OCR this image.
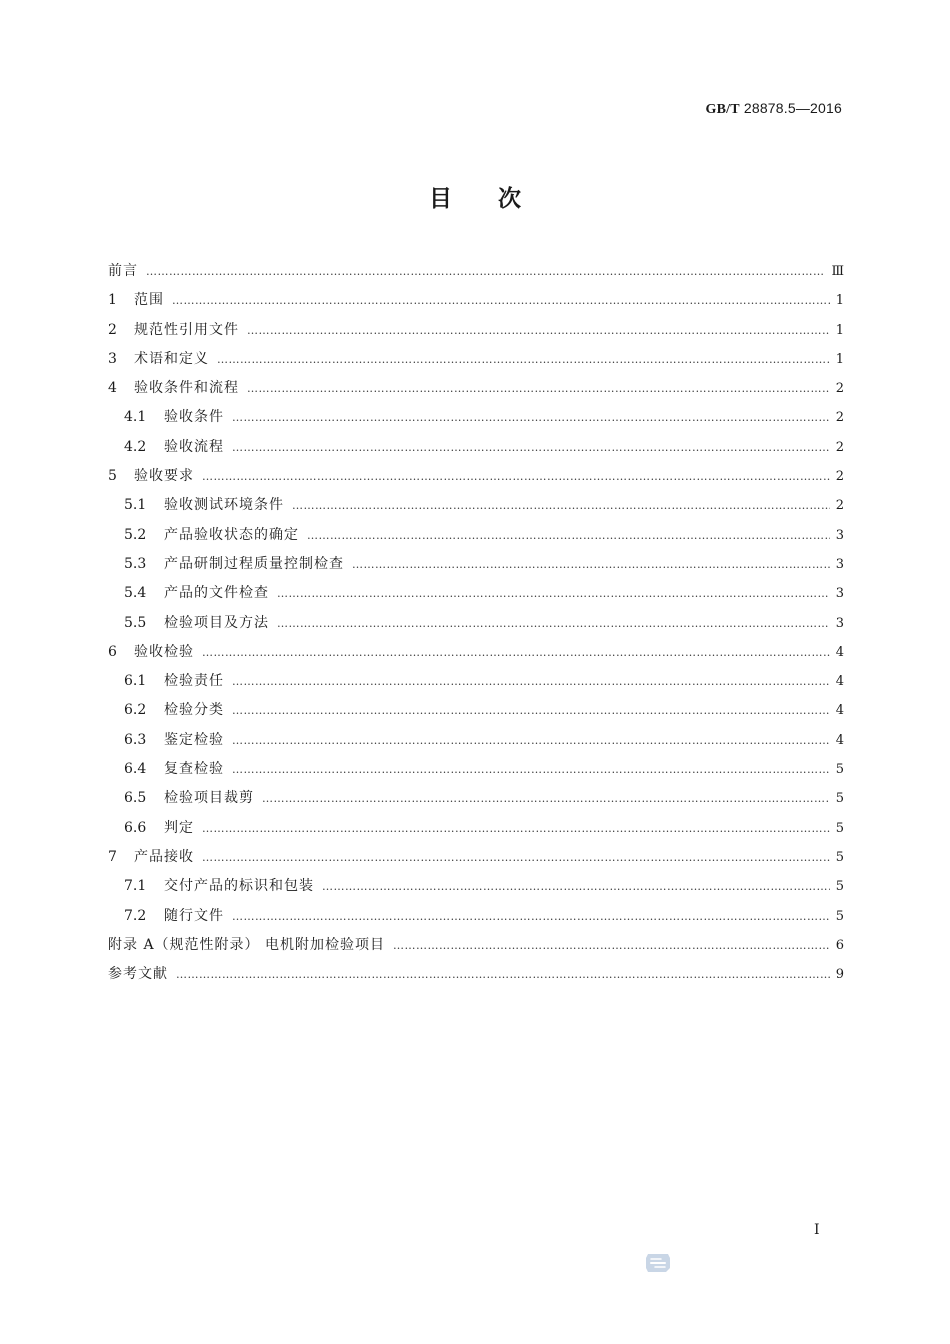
GB/T 28878.5—2016
目次
前言 …………………………………………………………………………………………………………………………………………………………………………………………………………	Ⅲ
1	范围 …………………………………………………………………………………………………………………………………………………………………………………………………………	1
2	规范性引用文件 …………………………………………………………………………………………………………………………………………………………………………………………………………	1
3	术语和定义 …………………………………………………………………………………………………………………………………………………………………………………………………………	1
4	验收条件和流程 …………………………………………………………………………………………………………………………………………………………………………………………………………	2
4.1	验收条件 …………………………………………………………………………………………………………………………………………………………………………………………………………	2
4.2	验收流程 …………………………………………………………………………………………………………………………………………………………………………………………………………	2
5	验收要求 …………………………………………………………………………………………………………………………………………………………………………………………………………	2
5.1	验收测试环境条件 …………………………………………………………………………………………………………………………………………………………………………………………………………	2
5.2	产品验收状态的确定 …………………………………………………………………………………………………………………………………………………………………………………………………………	3
5.3	产品研制过程质量控制检查 …………………………………………………………………………………………………………………………………………………………………………………………………………	3
5.4	产品的文件检查 …………………………………………………………………………………………………………………………………………………………………………………………………………	3
5.5	检验项目及方法 …………………………………………………………………………………………………………………………………………………………………………………………………………	3
6	验收检验 …………………………………………………………………………………………………………………………………………………………………………………………………………	4
6.1	检验责任 …………………………………………………………………………………………………………………………………………………………………………………………………………	4
6.2	检验分类 …………………………………………………………………………………………………………………………………………………………………………………………………………	4
6.3	鉴定检验 …………………………………………………………………………………………………………………………………………………………………………………………………………	4
6.4	复查检验 …………………………………………………………………………………………………………………………………………………………………………………………………………	5
6.5	检验项目裁剪 …………………………………………………………………………………………………………………………………………………………………………………………………………	5
6.6	判定 …………………………………………………………………………………………………………………………………………………………………………………………………………	5
7	产品接收 …………………………………………………………………………………………………………………………………………………………………………………………………………	5
7.1	交付产品的标识和包装 …………………………………………………………………………………………………………………………………………………………………………………………………………	5
7.2	随行文件 …………………………………………………………………………………………………………………………………………………………………………………………………………	5
附录 A（规范性附录） 电机附加检验项目 …………………………………………………………………………………………………………………………………………………………………………………………………………	6
参考文献 …………………………………………………………………………………………………………………………………………………………………………………………………………	9
Ⅰ
